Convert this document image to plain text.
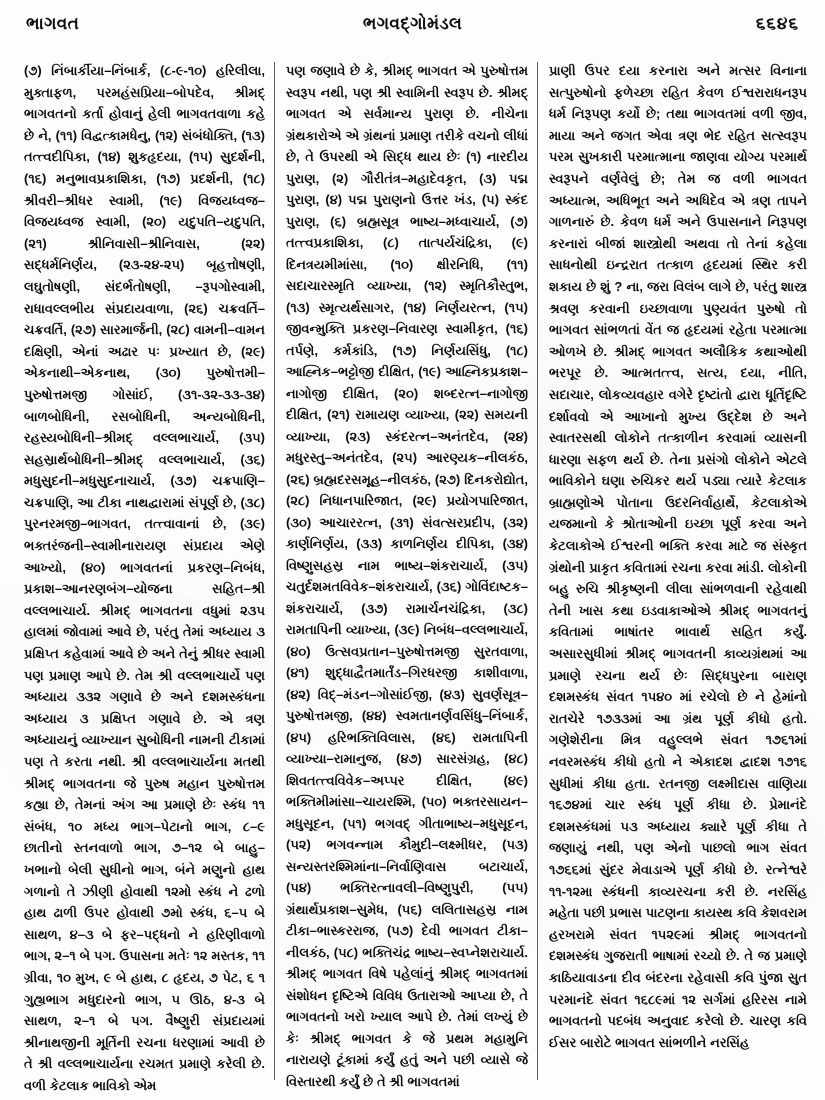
ભાગવત	ભગવદ્ગોમંડલ	૬૬૪૬
(૭) નિંબાર્કીયા–નિંબાર્ક, (૮-૯-૧૦) હરિલીલા, મુક્તાફળ, પરમહંસપ્રિયા–બોપદેવ, શ્રીમદ્ ભાગવતનો કર્તા હોવાનું હેલી ભાગવતવાળા કહે છે ને, (૧૧) વિદ્વત્કામધેનુ, (૧૨) સંબંધોક્તિ, (૧૩) તત્ત્વદીપિકા, (૧૪) શુકહૃદયા, (૧૫) સુદર્શની, (૧૬) મનુભાવપ્રકાશિકા, (૧૭) પ્રદર્શની, (૧૮) શ્રીવરી–શ્રીધર સ્વામી, (૧૯) વિજયધ્વજ–વિજયધ્વજ સ્વામી, (૨૦) યદુપતિ–યદુપતિ, (૨૧) શ્રીનિવાસી–શ્રીનિવાસ, (૨૨) સદ્ધર્મનિર્ણય, (૨૩-૨૪-૨૫) બૃહત્તોષણી, લઘુતોષણી, સંદર્ભતોષણી, –રૂપગોસ્વામી, રાધાવલ્લભીય સંપ્રદાયવાળા, (૨૬) ચક્રવર્તિ–ચક્રવર્તિ, (૨૭) સારમાર્જની, (૨૮) વામની–વામન દક્ષિણી, એનાં અઢાર પઃ પ્રખ્યાત છે, (૨૯) એકનાથી–એકનાથ, (૩૦) પુરુષોત્તમી–પુરુષોત્તમજી ગોસાંઈ, (૩૧-૩૨-૩૩-૩૪) બાળબોધિની, રસબોધિની, અન્યબોધિની, રહસ્યબોધિની–શ્રીમદ્ વલ્લભાચાર્ય, (૩૫) સહસ્રાર્થબોધિની–શ્રીમદ્ વલ્લભાચાર્ય, (૩૬) મધુસુદની–મધુસુદનાચાર્ય, (૩૭) ચક્રપાણિ–ચક્રપાણિ, આ ટીકા નાથદ્વારામાં સંપૂર્ણ છે, (૩૮) પુરનરમજી–ભાગવત, તત્ત્વાવાનાં છે, (૩૯) ભક્તરંજની–સ્વામીનારાયણ સંપ્રદાય એણે આખ્યો, (૪૦) ભાગવતનાં પ્રકરણ–નિબંધ, પ્રકાશ–આનરણબંગ–યોજના સહિત–શ્રી વલ્લભાચાર્ય. શ્રીમદ્ ભાગવતના વધુમાં ૨૩૫ હાલમાં જોવામાં આવે છે, પરંતુ તેમાં અધ્યાય ૩ પ્રક્ષિપ્ત કહેવામાં આવે છે અને તેનું શ્રીધર સ્વામી પણ પ્રમાણ આપે છે. તેમ શ્રી વલ્લભાચાર્યે પણ અધ્યાય ૩૩૨ ગણાવે છે અને દશમસ્કંધના અધ્યાય ૩ પ્રક્ષિપ્ત ગણાવે છે. એ ત્રણ અધ્યાયનું વ્યાખ્યાન સુબોધિની નામની ટીકામાં પણ તે કરતા નથી. શ્રી વલ્લભાચાર્યના મતથી શ્રીમદ્ ભાગવતના જે પુરુષ મહાન પુરુષોત્તમ કહ્યા છે, તેમનાં અંગ આ પ્રમાણે છેઃ સ્કંધ ૧૧ સંબંધ, ૧૦ મધ્ય ભાગ–પેટાનો ભાગ, ૮–૯ છાતીનો સ્તનવાળો ભાગ, ૭–૧૨ બે બાહુ–ખભાનો બેલી સુધીનો ભાગ, બંને મણુનો હાથ ગળાનો તે ઝીણી હોવાથી ૧૨મો સ્કંધ ને ઢળો હાથ ઢાળી ઉપર હોવાથી ૭મો સ્કંધ, ૬–૫ બે સાથળ, ૪–૩ બે ફર–પદ્ધનો ને હરિણીવાળો ભાગ, ૨–૧ બે પગ. ઉપાસના મતેઃ ૧૨ મસ્તક, ૧૧ ગ્રીવા, ૧૦ મુખ, ૯ બે હાથ, ૮ હૃદય, ૭ પેટ, ૬ ૧ ગુહ્યભાગ મધુદારનો ભાગ, ૫ ઊઠ, ૪-૩ બે સાથળ, ૨–૧ બે પગ. વૈષ્ણુરી સંપ્રદાયમાં શ્રીનાથજીની મૂર્તિની રચના ધરણામાં આવી છે તે શ્રી વલ્લભાચાર્યના રચમત પ્રમાણે કરેલી છે. વળી કેટલાક ભાવિકો એમ
પણ જણાવે છે કે, શ્રીમદ્ ભાગવત એ પુરુષોત્તમ સ્વરૂપ નથી, પણ શ્રી સ્વામિની સ્વરૂપ છે. શ્રીમદ્ ભાગવત એ સર્વમાન્ય પુરાણ છે. નીચેના ગ્રંથકારોએ એ ગ્રંથનાં પ્રમાણ તરીકે વચનો લીધાં છે, તે ઉપરથી એ સિદ્ધ થાય છેઃ (૧) નારદીય પુરાણ, (૨) ગૌરીતંત્ર–મહાદેવકૃત, (૩) પદ્મ પુરાણ, (૪) પદ્મ પુરાણનો ઉત્તર ખંડ, (૫) સ્કંદ પુરાણ, (૬) બ્રહ્મસૂત્ર ભાષ્ય–મધ્વાચાર્ય, (૭) તત્ત્વપ્રકાશિકા, (૮) તાત્પર્યચંદ્રિકા, (૯) દિનત્રયમીમાંસા, (૧૦) ક્ષીરનિધિ, (૧૧) સદાચારસ્મૃતિ વ્યાખ્યા, (૧૨) સ્મૃતિકૌસ્તુભ, (૧૩) સ્મૃત્યર્થસાગર, (૧૪) નિર્ણયરત્ન, (૧૫) જીવન્મુક્તિ પ્રકરણ–નિવારણ સ્વામીકૃત, (૧૬) તર્પણે, કર્મકાંડિ, (૧૭) નિર્ણયસિંધુ, (૧૮) આહ્નિક–ભટ્ટોજી દીક્ષિત, (૧૯) આહ્નિકપ્રકાશ–નાગોજી દીક્ષિત, (૨૦) શબ્દરત્ન–નાગોજી દીક્ષિત, (૨૧) રામાયણ વ્યાખ્યા, (૨૨) સમયની વ્યાખ્યા, (૨૩) સ્કંદરત્ન–અનંતદેવ, (૨૪) મધુરસ્તુ–અનંતદેવ, (૨૫) આરણ્યક–નીલકંઠ, (૨૬) બ્રહ્મદરસમૂહ–નીલકંઠ, (૨૭) દિનકરોદ્યોત, (૨૮) નિધાનપારિજાત, (૨૯) પ્રયોગપારિજાત, (૩૦) આચારરત્ન, (૩૧) સંવત્સરપ્રદીપ, (૩૨) કાર્ણનિર્ણય, (૩૩) કાળનિર્ણય દીપિકા, (૩૪) વિષ્ણુસહસ્ર નામ ભાષ્ય–શંકરાચાર્ય, (૩૫) ચતુર્દશમતવિવેક–શંકરાચાર્ય, (૩૬) ગોવિંદાષ્ટક–શંકરાચાર્ય, (૩૭) રામાર્ચનચંદ્રિકા, (૩૮) રામતાપિની વ્યાખ્યા, (૩૯) નિબંધ–વલ્લભાચાર્ય, (૪૦) ઉત્સવપ્રતાન–પુરુષોત્તમજી સુરતવાળા, (૪૧) શુદ્ધાદ્વૈતમાર્તંડ–ગિરધરજી કાશીવાળા, (૪૨) વિદ્–મંડન–ગોસાંઈજી, (૪૩) સુવર્ણસૂત્ર–પુરુષોત્તમજી, (૪૪) સ્વમતાનર્ણવસિંધુ–નિંબાર્ક, (૪૫) હરિભક્તિવિલાસ, (૪૬) રામતાપિની વ્યાખ્યા–રામાનુજ, (૪૭) સારસંગ્રહ, (૪૮) શિવતત્ત્વવિવેક–અપ્પર દીક્ષિત, (૪૯) ભક્તિમીમાંસા–ચાયરશ્મિ, (૫૦) ભક્તરસાયન–મધુસૂદન, (૫૧) ભગવદ્ ગીતાભાષ્ય–મધુસૂદન, (૫૨) ભગવન્નામ કૌમુદી–લક્ષ્મીધર, (૫૩) સન્યસ્તરશ્મિમાંના–નિર્વાણિવાસ બટાચાર્ય, (૫૪) ભક્તિરત્નાવલી–વિષ્ણુપુરી, (૫૫) ગ્રંથાર્થપ્રકાશ–સુમેધ, (૫૬) લલિતાસહસ્ર નામ ટીકા–ભાસ્કરરાજ, (૫૭) દેવી ભાગવત ટીકા–નીલકંઠ, (૫૮) ભક્તિચંદ્ર ભાષ્ય–સ્વપ્નેશરાચાર્ય. શ્રીમદ્ ભાગવત વિષે પહેલાંનું શ્રીમદ્ ભાગવતમાં સંશોધન દૃષ્ટિએ વિવિધ ઉતારાઓ આપ્યા છે, તે ભાગવતનો ખરો ખ્યાલ આપે છે. તેમાં લખ્યું છે કેઃ શ્રીમદ્ ભાગવત કે જે પ્રથમ મહામુનિ નારાયણે ટૂંકામાં કર્યું હતું અને પછી વ્યાસે જે વિસ્તારથી કર્યું છે તે શ્રી ભાગવતમાં
પ્રાણી ઉપર દયા કરનારા અને મત્સર વિનાના સત્પુરુષોનો ફળેચ્છા રહિત કેવળ ઈશ્વરારાધનરૂપ ધર્મ નિરૂપણ કર્યો છે; તથા ભાગવતમાં વળી જીવ, માયા અને જગત એવા ત્રણ ભેદ રહિત સત્સ્વરૂપ પરમ સુખકારી પરમાત્માના જાણવા યોગ્ય પરમાર્થ સ્વરૂપને વર્ણવેલું છે; તેમ જ વળી ભાગવત અધ્યાત્મ, અધિભૂત અને અધિદેવ એ ત્રણ તાપને ગાળનારું છે. કેવળ ધર્મ અને ઉપાસનાને નિરૂપણ કરનારાં બીજાં શાસ્ત્રોથી અથવા તો તેનાં કહેલા સાધનોથી ઇન્દ્રરાત તત્કાળ હૃદયમાં સ્થિર કરી શકાય છે શું ? ના, જરા વિલંબ લાગે છે, પરંતુ શાસ્ત્ર શ્રવણ કરવાની ઇચ્છાવાળા પુણ્યવંત પુરુષો તો ભાગવત સાંભળતાં વેંત જ હૃદયમાં રહેતા પરમાત્મા ઓળખે છે. શ્રીમદ્ ભાગવત અલૌકિક કથાઓથી ભરપૂર છે. આત્મતત્ત્વ, સત્ય, દયા, નીતિ, સદાચાર, લોકવ્યવહાર વગેરે દૃષ્ટાંતો દ્વારા ધૂર્તિદૃષ્ટિ દર્શાવવો એ આખાનો મુખ્ય ઉદ્દેશ છે અને સ્વાતરસથી લોકોને તત્કાળીન કરવામાં વ્યાસની ધારણા સફળ થર્ય છે. તેના પ્રસંગો લોકોને એટલે ભાવિકોને ઘણા રુચિકર થર્ય પડ્યા ત્યારે કેટલાક બ્રાહ્મણોએ પોતાના ઉદરનિર્વાહાર્થે, કેટલાકોએ યજમાનો કે શ્રોતાઓની ઇચ્છા પૂર્ણ કરવા અને કેટલાકોએ ઈશ્વરની ભક્તિ કરવા માટે જ સંસ્કૃત ગ્રંથોની પ્રાકૃત કવિતામાં રચના કરવા માંડી. લોકોની બહુ રુચિ શ્રીકૃષ્ણની લીલા સાંભળવાની રહેવાથી તેની ખાસ કથા ઇડવાકાઓએ શ્રીમદ્ ભાગવતનું કવિતામાં ભાષાંતર ભાવાર્થ સહિત કર્યું. અસારસુધીમાં શ્રીમદ્ ભાગવતની કાવ્યગ્રંથમાં આ પ્રમાણે રચના થર્ય છેઃ સિદ્ધપુરના બારાણ દશમસ્કંધ સંવત ૧૫૪૦ માં રચેલો છે ને હેમાંનો રાતચેરે ૧૭૩૩માં આ ગ્રંથ પૂર્ણ કીધો હતો. ગણેશેરીના મિત્ર વહુલ્લભે સંવત ૧૭૬૧માં નવરમસ્કંધ કીધો હતો ને એકાદશ દ્વાદશ ૧૭૧૬ સુધીમાં કીધા હતા. રતનજી લક્ષ્મીદાસ વાણિયા ૧૬૭૪માં ચાર સ્કંધ પૂર્ણ કીધા છે. પ્રેમાનંદે દશમસ્કંધમાં ૫૩ અધ્યાય ક્યારે પૂર્ણ કીધા તે જણાયું નથી, પણ એનો પાછલો ભાગ સંવત ૧૭૬૬માં સુંદર મેવાડાએ પૂર્ણ કીધો છે. રત્નેશ્વરે ૧૧-૧૨મા સ્કંધની કાવ્યરચના કરી છે. નરસિંહ મહેતા પછી પ્રભાસ પાટણના કાયસ્થ કવિ કેશવરામ હરખરામે સંવત ૧૫૨૯માં શ્રીમદ્ ભાગવતનો દશમસ્કંધ ગુજરાતી ભાષામાં રચ્યો છે. તે જ પ્રમાણે કાઠિયાવાડના દીવ બંદરના રહેવાસી કવિ પુંજા સુત પરમાનંદે સંવત ૧૬૮૯માં ૧૨ સર્ગમાં હરિરસ નામે ભાગવતનો પદબંધ અનુવાદ કરેલો છે. ચારણ કવિ ઈસર બારોટે ભાગવત સાંભળીને નરસિંહ
